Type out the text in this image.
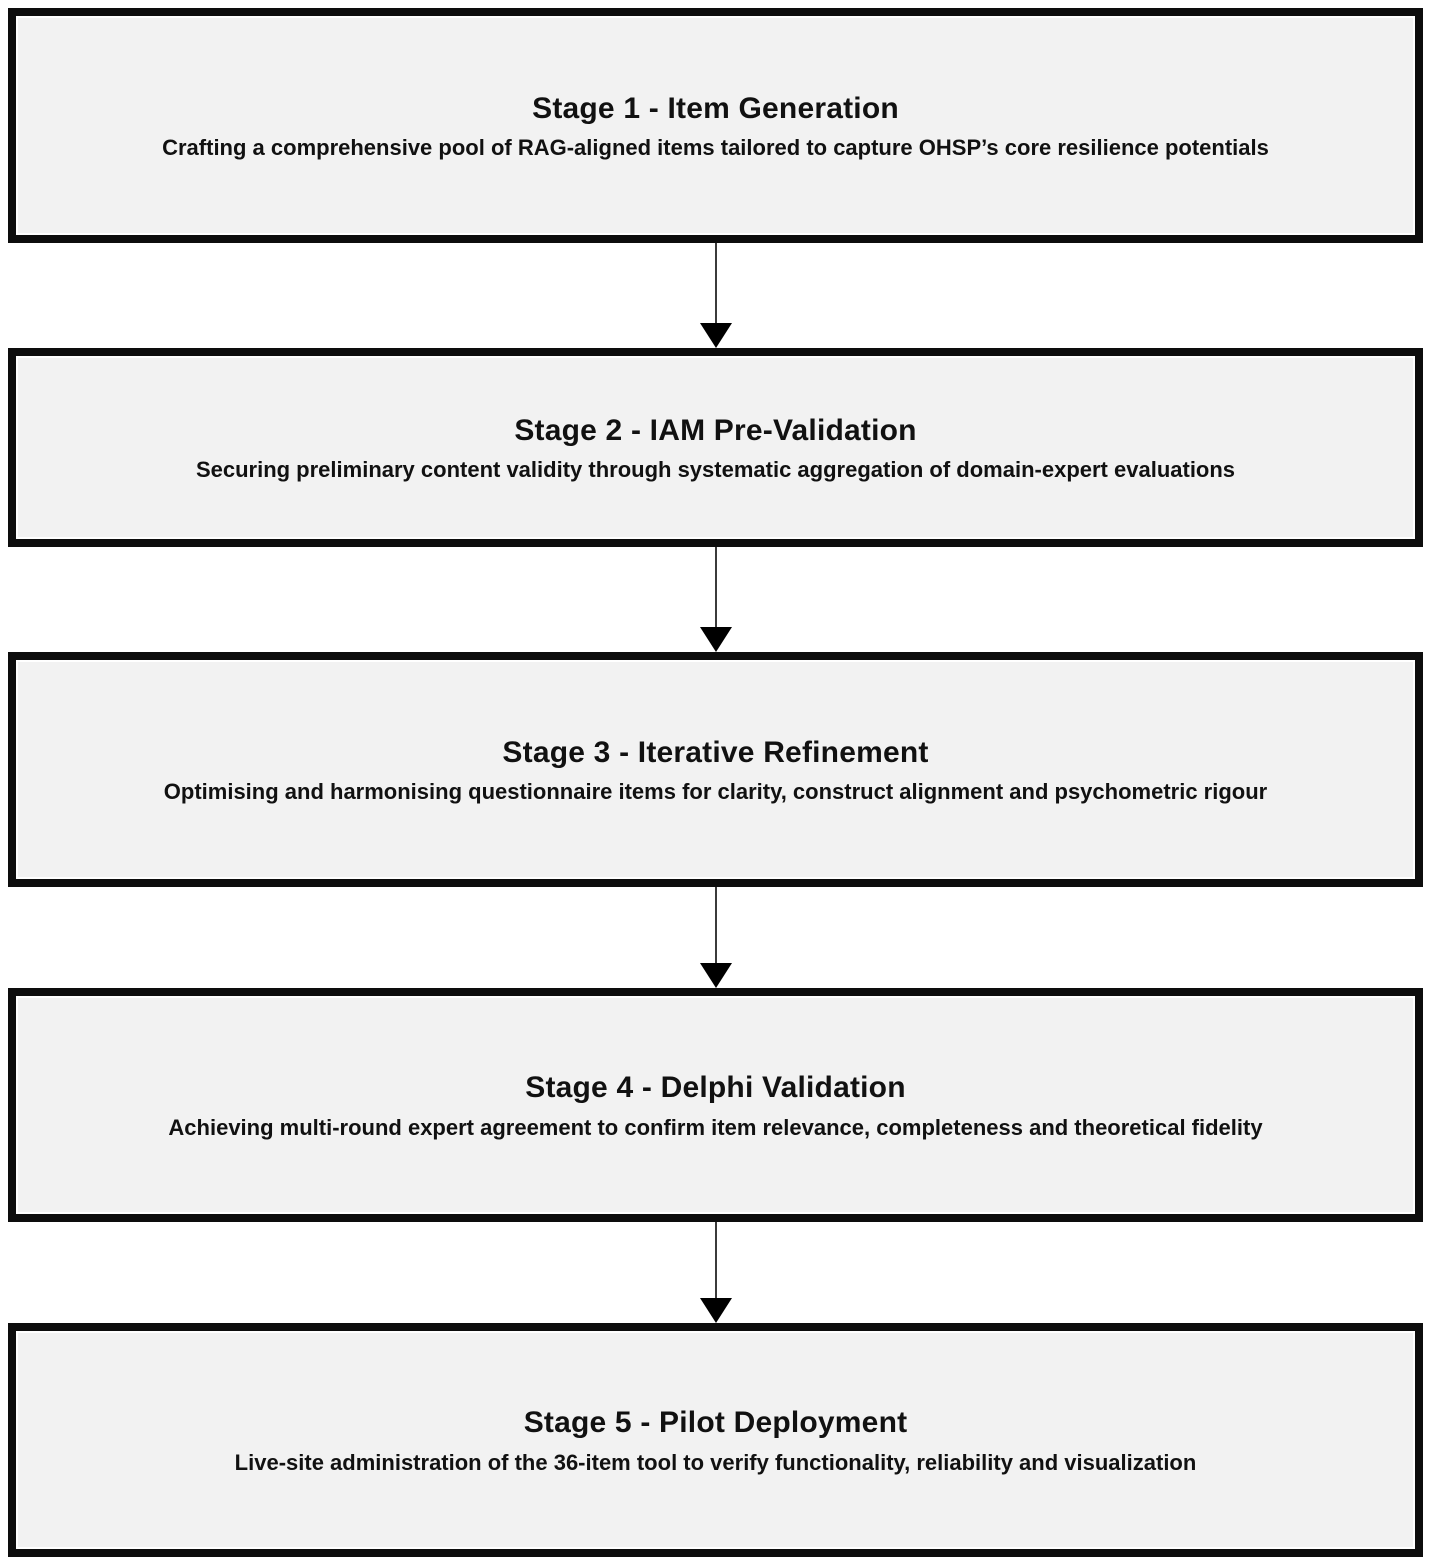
Stage 1 - Item Generation
Crafting a comprehensive pool of RAG-aligned items tailored to capture OHSP’s core resilience potentials
Stage 2 - IAM Pre-Validation
Securing preliminary content validity through systematic aggregation of domain-expert evaluations
Stage 3 - Iterative Refinement
Optimising and harmonising questionnaire items for clarity, construct alignment and psychometric rigour
Stage 4 - Delphi Validation
Achieving multi-round expert agreement to confirm item relevance, completeness and theoretical fidelity
Stage 5 - Pilot Deployment
Live-site administration of the 36-item tool to verify functionality, reliability and visualization
